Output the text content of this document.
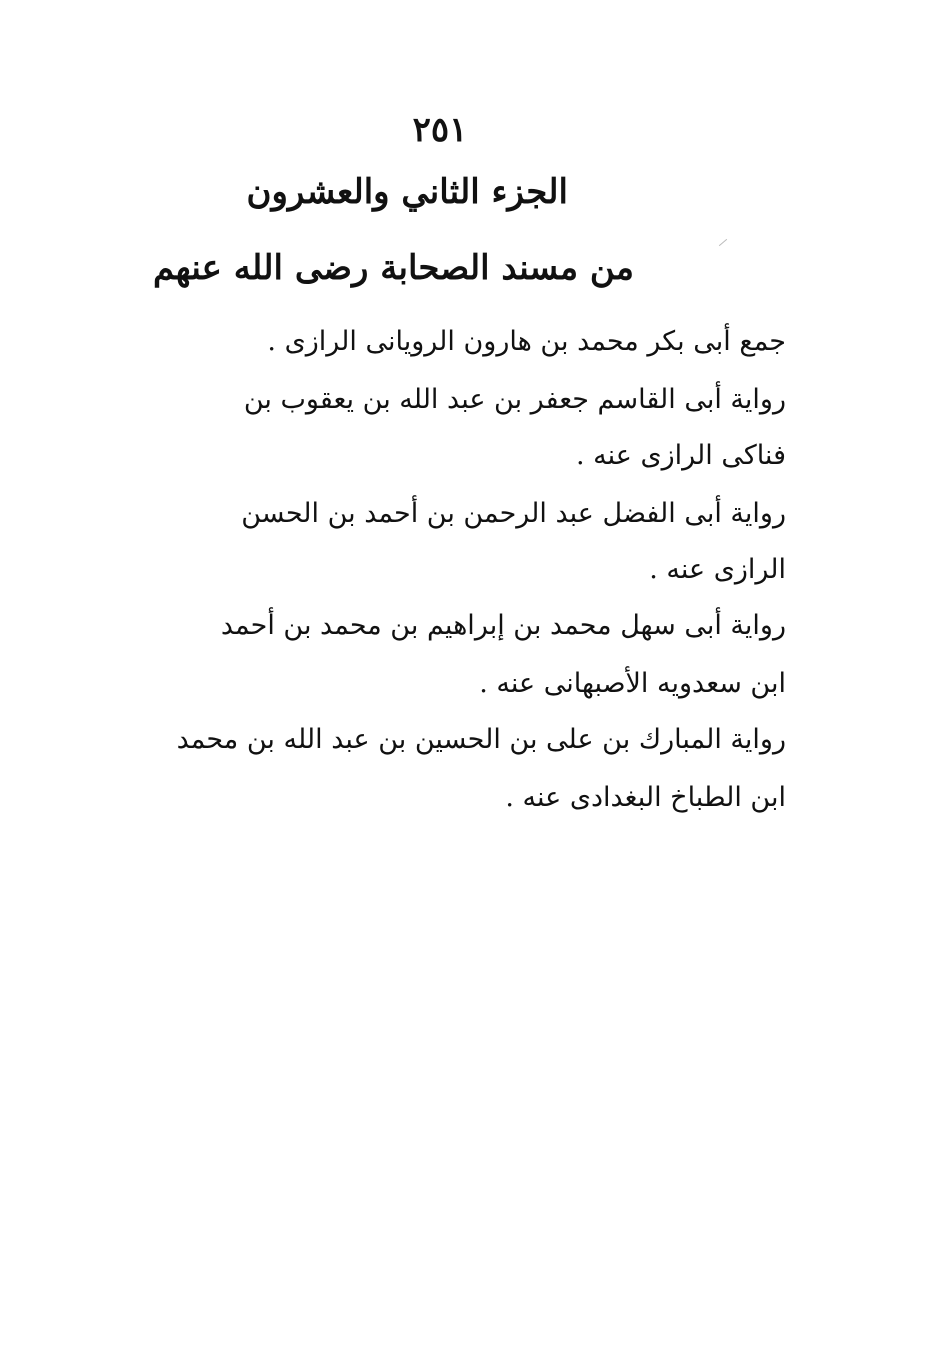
٢٥١
الجزء الثاني والعشرون
من مسند الصحابة رضى الله عنهم
جمع أبى بكر محمد بن هارون الرويانى الرازى .
رواية أبى القاسم جعفر بن عبد الله بن يعقوب بن
فناكى الرازى عنه .
رواية أبى الفضل عبد الرحمن بن أحمد بن الحسن
الرازى عنه .
رواية أبى سهل محمد بن إبراهيم بن محمد بن أحمد
ابن سعدويه الأصبهانى عنه .
رواية المبارك بن على بن الحسين بن عبد الله بن محمد
ابن الطباخ البغدادى عنه .
